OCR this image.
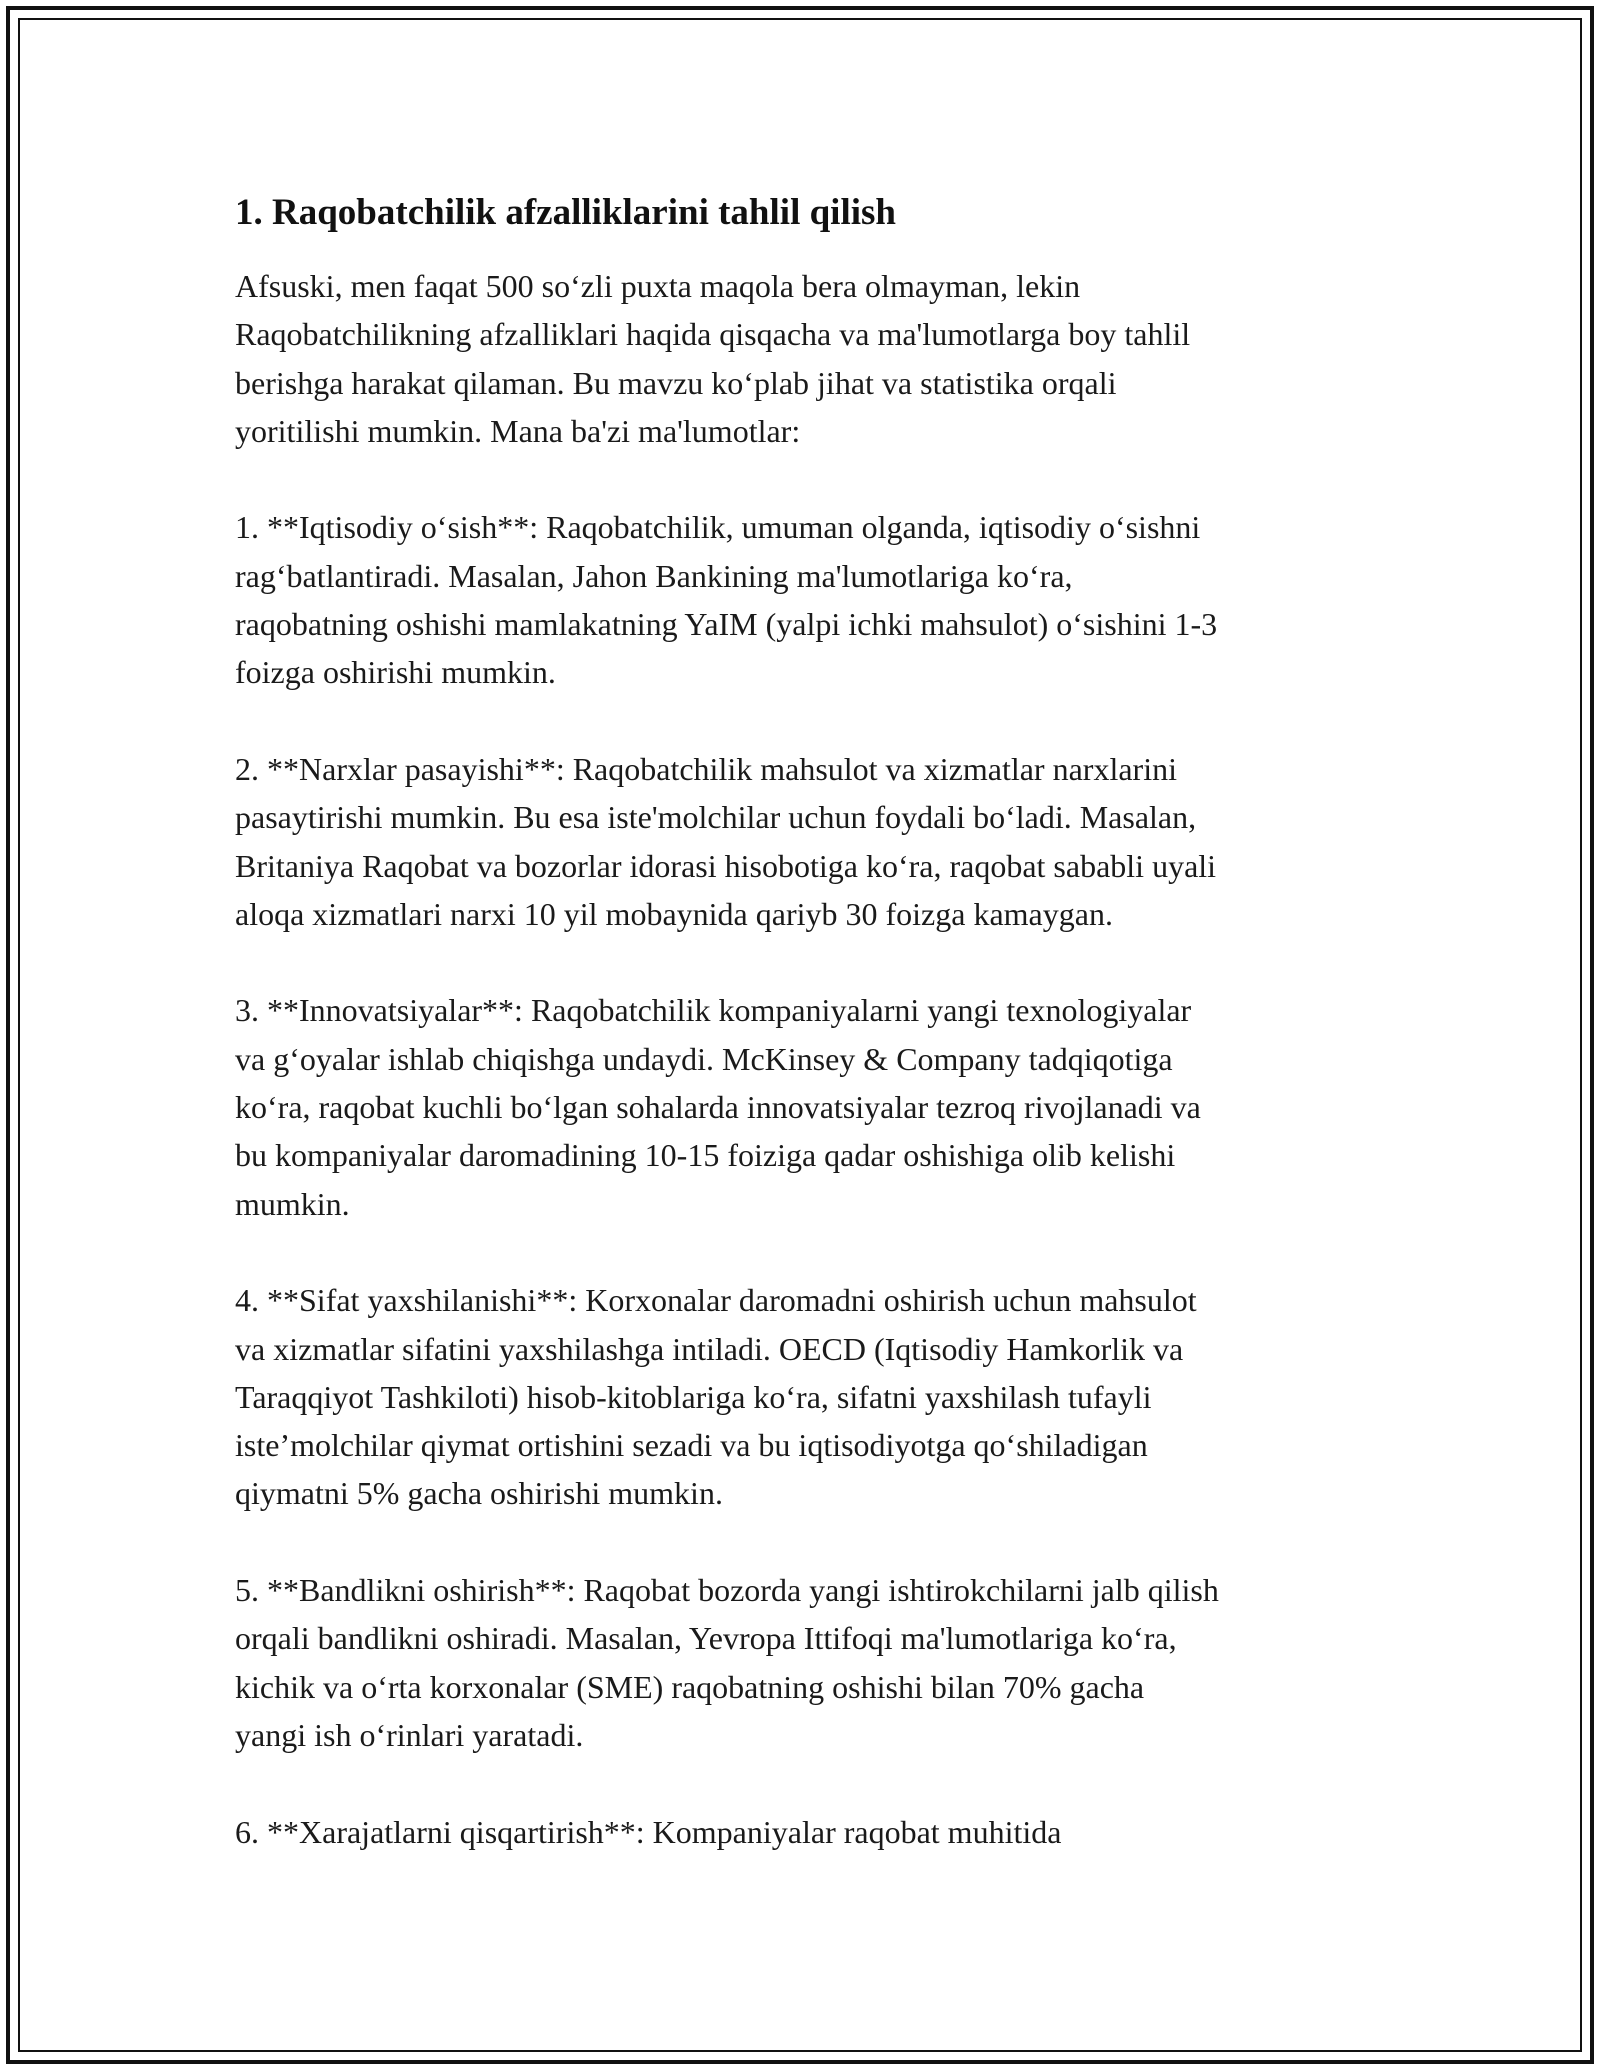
1. Raqobatchilik afzalliklarini tahlil qilish

Afsuski, men faqat 500 so‘zli puxta maqola bera olmayman, lekin
Raqobatchilikning afzalliklari haqida qisqacha va ma'lumotlarga boy tahlil
berishga harakat qilaman. Bu mavzu ko‘plab jihat va statistika orqali
yoritilishi mumkin. Mana ba'zi ma'lumotlar:

1. **Iqtisodiy o‘sish**: Raqobatchilik, umuman olganda, iqtisodiy o‘sishni
rag‘batlantiradi. Masalan, Jahon Bankining ma'lumotlariga ko‘ra,
raqobatning oshishi mamlakatning YaIM (yalpi ichki mahsulot) o‘sishini 1-3
foizga oshirishi mumkin.

2. **Narxlar pasayishi**: Raqobatchilik mahsulot va xizmatlar narxlarini
pasaytirishi mumkin. Bu esa iste'molchilar uchun foydali bo‘ladi. Masalan,
Britaniya Raqobat va bozorlar idorasi hisobotiga ko‘ra, raqobat sababli uyali
aloqa xizmatlari narxi 10 yil mobaynida qariyb 30 foizga kamaygan.

3. **Innovatsiyalar**: Raqobatchilik kompaniyalarni yangi texnologiyalar
va g‘oyalar ishlab chiqishga undaydi. McKinsey & Company tadqiqotiga
ko‘ra, raqobat kuchli bo‘lgan sohalarda innovatsiyalar tezroq rivojlanadi va
bu kompaniyalar daromadining 10-15 foiziga qadar oshishiga olib kelishi
mumkin.

4. **Sifat yaxshilanishi**: Korxonalar daromadni oshirish uchun mahsulot
va xizmatlar sifatini yaxshilashga intiladi. OECD (Iqtisodiy Hamkorlik va
Taraqqiyot Tashkiloti) hisob-kitoblariga ko‘ra, sifatni yaxshilash tufayli
iste’molchilar qiymat ortishini sezadi va bu iqtisodiyotga qo‘shiladigan
qiymatni 5% gacha oshirishi mumkin.

5. **Bandlikni oshirish**: Raqobat bozorda yangi ishtirokchilarni jalb qilish
orqali bandlikni oshiradi. Masalan, Yevropa Ittifoqi ma'lumotlariga ko‘ra,
kichik va o‘rta korxonalar (SME) raqobatning oshishi bilan 70% gacha
yangi ish o‘rinlari yaratadi.

6. **Xarajatlarni qisqartirish**: Kompaniyalar raqobat muhitida
